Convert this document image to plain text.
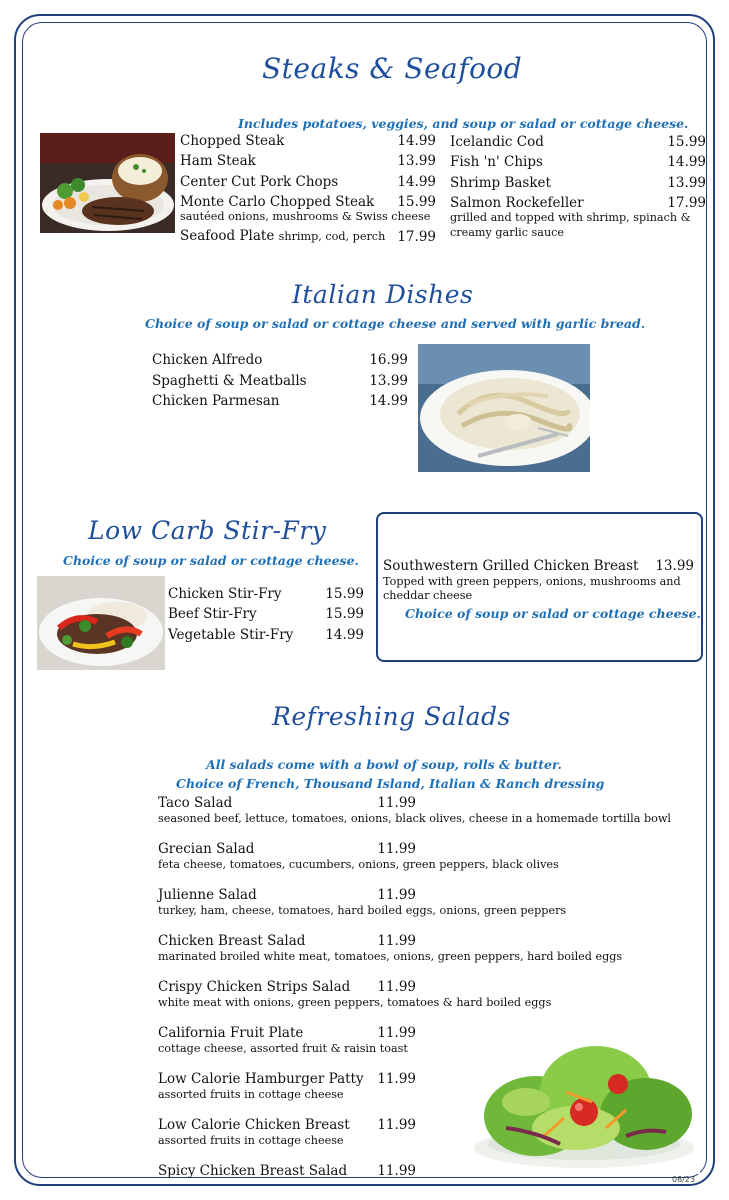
Steaks & Seafood
Includes potatoes, veggies, and soup or salad or cottage cheese.
Chopped Steak	14.99
Ham Steak	13.99
Center Cut Pork Chops	14.99
Monte Carlo Chopped Steak	15.99
sautéed onions, mushrooms & Swiss cheese
Seafood Plate shrimp, cod, perch 17.99
Icelandic Cod	15.99
Fish 'n' Chips	14.99
Shrimp Basket	13.99
Salmon Rockefeller	17.99
grilled and topped with shrimp, spinach &
creamy garlic sauce
Italian Dishes
Choice of soup or salad or cottage cheese and served with garlic bread.
Chicken Alfredo	16.99
Spaghetti & Meatballs	13.99
Chicken Parmesan	14.99
Low Carb Stir-Fry
Choice of soup or salad or cottage cheese.
Chicken Stir-Fry	15.99
Beef Stir-Fry	15.99
Vegetable Stir-Fry	14.99
Southwestern Grilled Chicken Breast	13.99
Topped with green peppers, onions, mushrooms and
cheddar cheese
Choice of soup or salad or cottage cheese.
Refreshing Salads
All salads come with a bowl of soup, rolls & butter.
Choice of French, Thousand Island, Italian & Ranch dressing
Taco Salad	11.99
seasoned beef, lettuce, tomatoes, onions, black olives, cheese in a homemade tortilla bowl
Grecian Salad	11.99
feta cheese, tomatoes, cucumbers, onions, green peppers, black olives
Julienne Salad	11.99
turkey, ham, cheese, tomatoes, hard boiled eggs, onions, green peppers
Chicken Breast Salad	11.99
marinated broiled white meat, tomatoes, onions, green peppers, hard boiled eggs
Crispy Chicken Strips Salad	11.99
white meat with onions, green peppers, tomatoes & hard boiled eggs
California Fruit Plate	11.99
cottage cheese, assorted fruit & raisin toast
Low Calorie Hamburger Patty	11.99
assorted fruits in cottage cheese
Low Calorie Chicken Breast	11.99
assorted fruits in cottage cheese
Spicy Chicken Breast Salad	11.99
08/23
